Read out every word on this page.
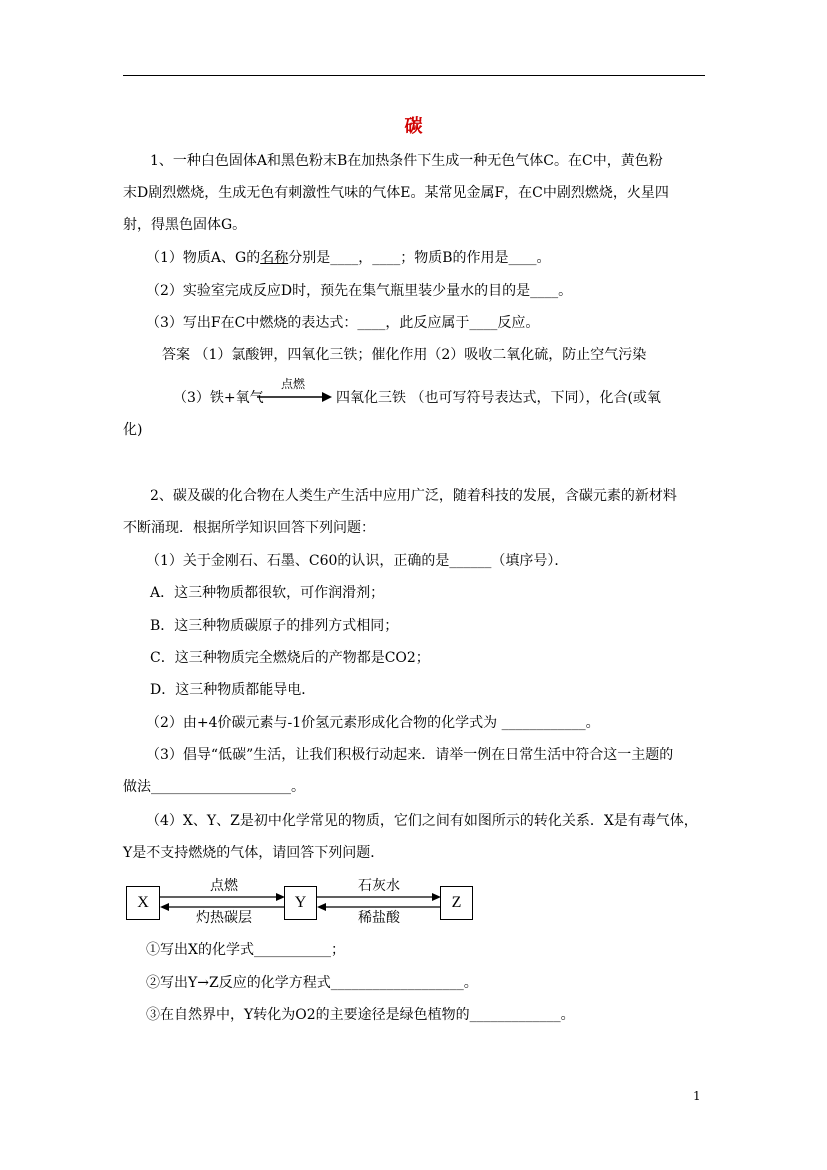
碳
1、一种白色固体A和黑色粉末B在加热条件下生成一种无色气体C。在C中，黄色粉
末D剧烈燃烧，生成无色有刺激性气味的气体E。某常见金属F，在C中剧烈燃烧，火星四
射，得黑色固体G。
（1）物质A、G的名称分别是____，____；物质B的作用是____。
（2）实验室完成反应D时，预先在集气瓶里装少量水的目的是____。
（3）写出F在C中燃烧的表达式：____，此反应属于____反应。
答案 （1）氯酸钾，四氧化三铁；催化作用（2）吸收二氧化硫，防止空气污染
（3）铁+氧气
点燃
四氧化三铁 （也可写符号表达式，下同），化合(或氧
化)
2、碳及碳的化合物在人类生产生活中应用广泛，随着科技的发展，含碳元素的新材料
不断涌现．根据所学知识回答下列问题：
（1）关于金刚石、石墨、C60的认识，正确的是______（填序号）．
A．这三种物质都很软，可作润滑剂；
B．这三种物质碳原子的排列方式相同；
C．这三种物质完全燃烧后的产物都是CO2；
D．这三种物质都能导电．
（2）由+4价碳元素与-1价氢元素形成化合物的化学式为 ____________。
（3）倡导“低碳”生活，让我们积极行动起来．请举一例在日常生活中符合这一主题的
做法____________________。
（4）X、Y、Z是初中化学常见的物质，它们之间有如图所示的转化关系．X是有毒气体，
Y是不支持燃烧的气体，请回答下列问题．
X	Y	Z
点燃
灼热碳层
石灰水
稀盐酸
①写出X的化学式___________；
②写出Y→Z反应的化学方程式___________________。
③在自然界中，Y转化为O2的主要途径是绿色植物的_____________。
1
